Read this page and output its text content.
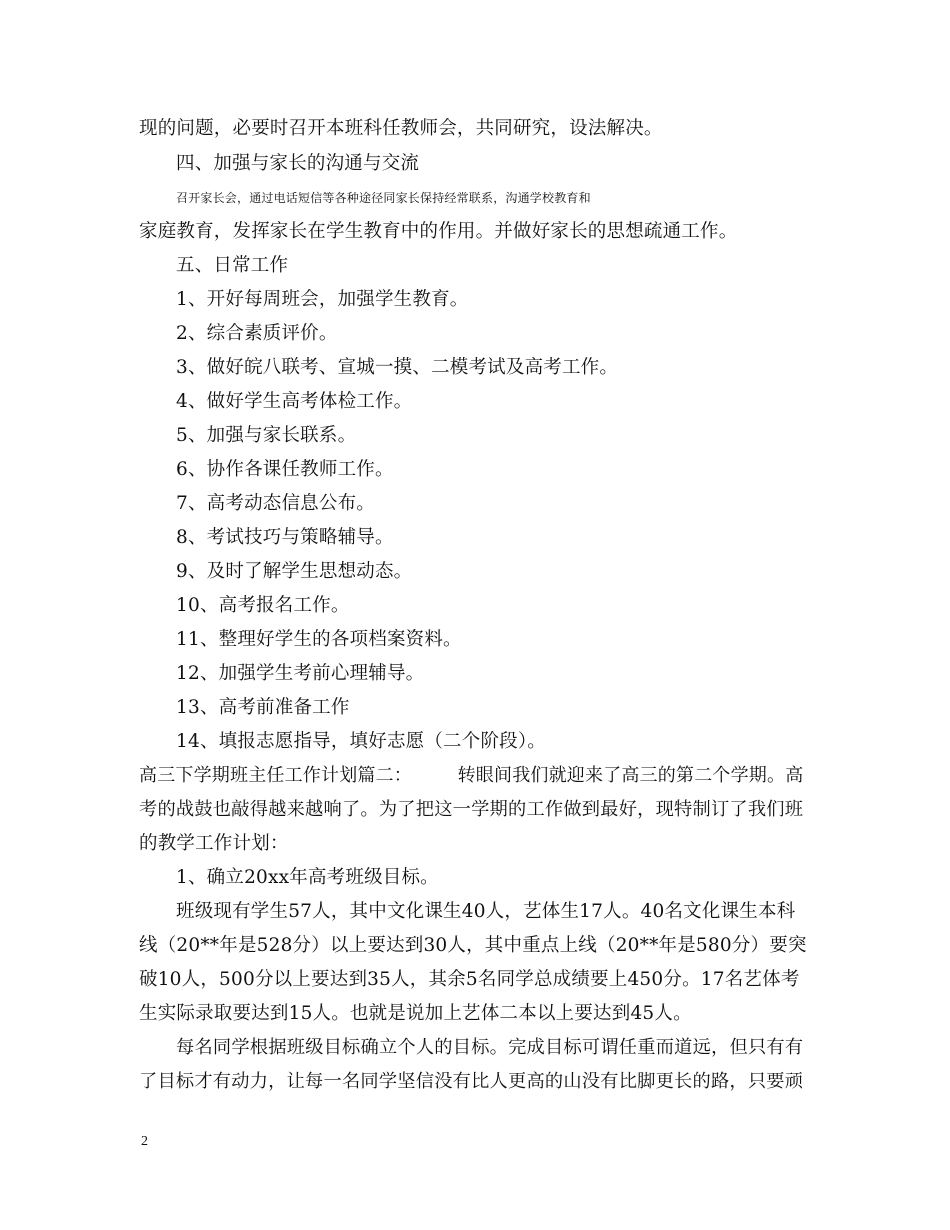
现的问题，必要时召开本班科任教师会，共同研究，设法解决。
四、加强与家长的沟通与交流
召开家长会，通过电话短信等各种途径同家长保持经常联系，沟通学校教育和
家庭教育，发挥家长在学生教育中的作用。并做好家长的思想疏通工作。
五、日常工作
1、开好每周班会，加强学生教育。
2、综合素质评价。
3、做好皖八联考、宣城一摸、二模考试及高考工作。
4、做好学生高考体检工作。
5、加强与家长联系。
6、协作各课任教师工作。
7、高考动态信息公布。
8、考试技巧与策略辅导。
9、及时了解学生思想动态。
10、高考报名工作。
11、整理好学生的各项档案资料。
12、加强学生考前心理辅导。
13、高考前准备工作
14、填报志愿指导，填好志愿（二个阶段）。
高三下学期班主任工作计划篇二：　　　转眼间我们就迎来了高三的第二个学期。高
考的战鼓也敲得越来越响了。为了把这一学期的工作做到最好，现特制订了我们班
的教学工作计划：
1、确立20xx年高考班级目标。
班级现有学生57人，其中文化课生40人，艺体生17人。40名文化课生本科
线（20**年是528分）以上要达到30人，其中重点上线（20**年是580分）要突
破10人，500分以上要达到35人，其余5名同学总成绩要上450分。17名艺体考
生实际录取要达到15人。也就是说加上艺体二本以上要达到45人。
每名同学根据班级目标确立个人的目标。完成目标可谓任重而道远，但只有有
了目标才有动力，让每一名同学坚信没有比人更高的山没有比脚更长的路，只要顽
2
